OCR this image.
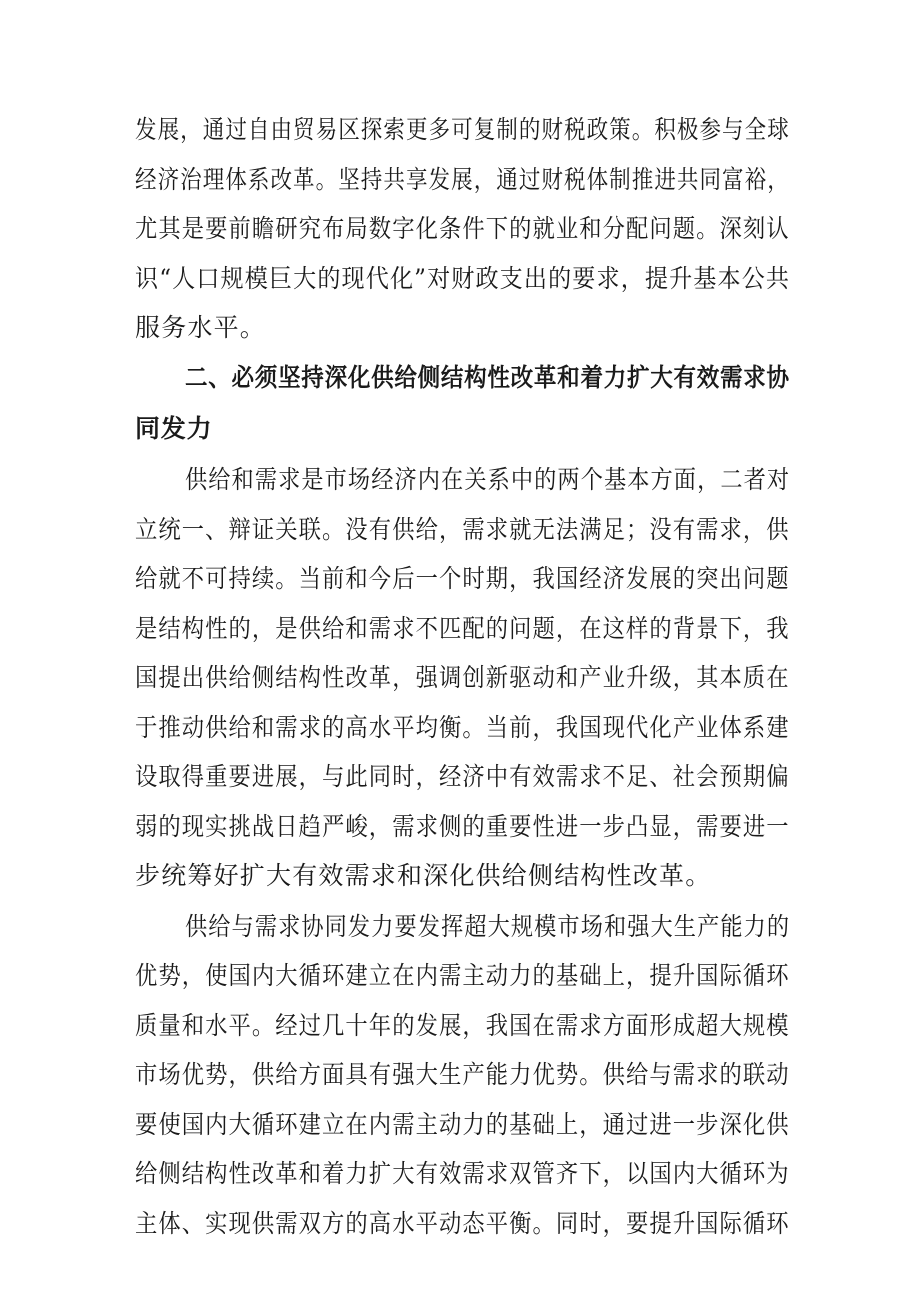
发展，通过自由贸易区探索更多可复制的财税政策。积极参与全球

经济治理体系改革。坚持共享发展，通过财税体制推进共同富裕，

尤其是要前瞻研究布局数字化条件下的就业和分配问题。深刻认

识“人口规模巨大的现代化”对财政支出的要求，提升基本公共

服务水平。

二、必须坚持深化供给侧结构性改革和着力扩大有效需求协

同发力

供给和需求是市场经济内在关系中的两个基本方面，二者对

立统一、辩证关联。没有供给，需求就无法满足；没有需求，供

给就不可持续。当前和今后一个时期，我国经济发展的突出问题

是结构性的，是供给和需求不匹配的问题，在这样的背景下，我

国提出供给侧结构性改革，强调创新驱动和产业升级，其本质在

于推动供给和需求的高水平均衡。当前，我国现代化产业体系建

设取得重要进展，与此同时，经济中有效需求不足、社会预期偏

弱的现实挑战日趋严峻，需求侧的重要性进一步凸显，需要进一

步统筹好扩大有效需求和深化供给侧结构性改革。

供给与需求协同发力要发挥超大规模市场和强大生产能力的

优势，使国内大循环建立在内需主动力的基础上，提升国际循环

质量和水平。经过几十年的发展，我国在需求方面形成超大规模

市场优势，供给方面具有强大生产能力优势。供给与需求的联动

要使国内大循环建立在内需主动力的基础上，通过进一步深化供

给侧结构性改革和着力扩大有效需求双管齐下，以国内大循环为

主体、实现供需双方的高水平动态平衡。同时，要提升国际循环
